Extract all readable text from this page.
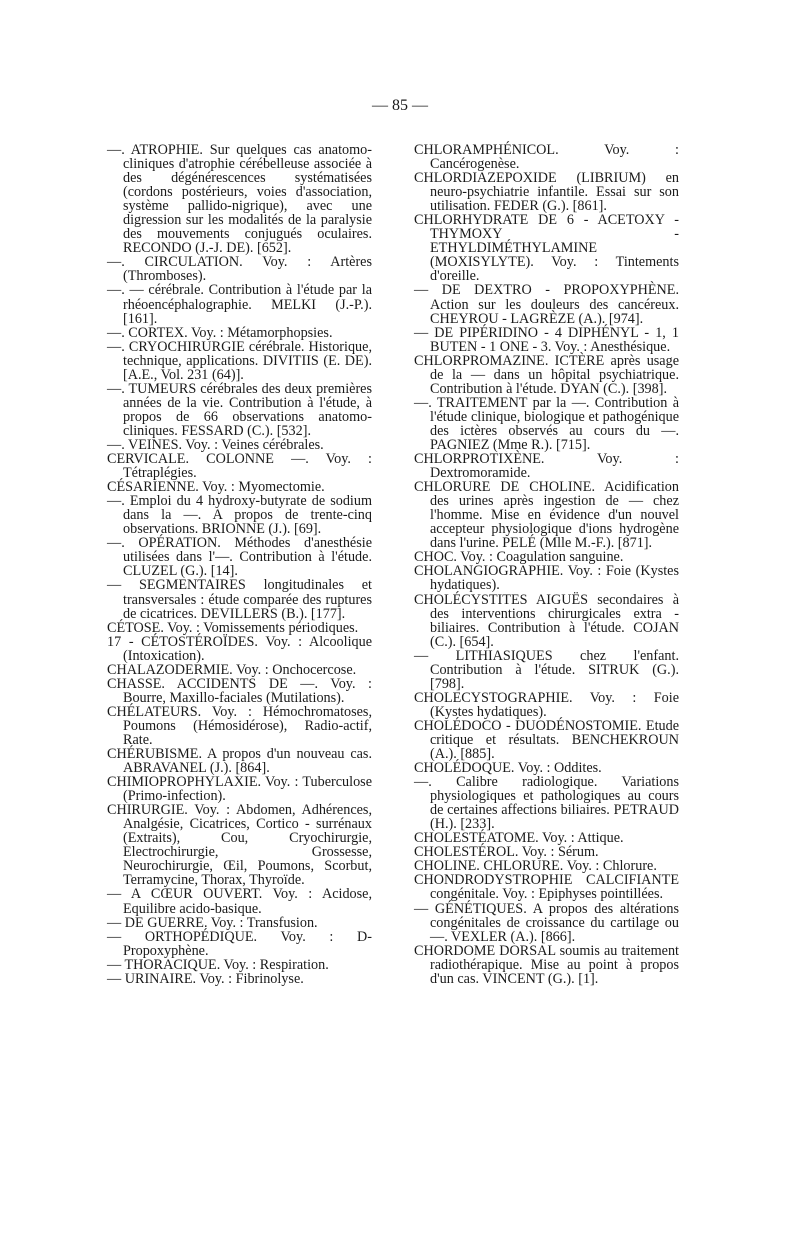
— 85 —

—. ATROPHIE. Sur quelques cas anatomo-cliniques d'atrophie cérébelleuse associée à des dégénérescences systématisées (cordons postérieurs, voies d'association, système pallido-nigrique), avec une digression sur les modalités de la paralysie des mouvements conjugués oculaires. RECONDO (J.-J. DE). [652].

—. CIRCULATION. Voy. : Artères (Thromboses).

—. — cérébrale. Contribution à l'étude par la rhéoencéphalographie. MELKI (J.-P.). [161].

—. CORTEX. Voy. : Métamorphopsies.

—. CRYOCHIRURGIE cérébrale. Historique, technique, applications. DIVITIIS (E. DE). [A.E., Vol. 231 (64)].

—. TUMEURS cérébrales des deux premières années de la vie. Contribution à l'étude, à propos de 66 observations anatomo-cliniques. FESSARD (C.). [532].

—. VEINES. Voy. : Veines cérébrales.

CERVICALE. COLONNE —. Voy. : Tétraplégies.

CÉSARIENNE. Voy. : Myomectomie.

—. Emploi du 4 hydroxy-butyrate de sodium dans la —. A propos de trente-cinq observations. BRIONNE (J.). [69].

—. OPÉRATION. Méthodes d'anesthésie utilisées dans l'—. Contribution à l'étude. CLUZEL (G.). [14].

— SEGMENTAIRES longitudinales et transversales : étude comparée des ruptures de cicatrices. DEVILLERS (B.). [177].

CÉTOSE. Voy. : Vomissements périodiques.

17 - CÉTOSTÉROÏDES. Voy. : Alcoolique (Intoxication).

CHALAZODERMIE. Voy. : Onchocercose.

CHASSE. ACCIDENTS DE —. Voy. : Bourre, Maxillo-faciales (Mutilations).

CHÉLATEURS. Voy. : Hémochromatoses, Poumons (Hémosidérose), Radio-actif, Rate.

CHÉRUBISME. A propos d'un nouveau cas. ABRAVANEL (J.). [864].

CHIMIOPROPHYLAXIE. Voy. : Tuberculose (Primo-infection).

CHIRURGIE. Voy. : Abdomen, Adhérences, Analgésie, Cicatrices, Cortico - surrénaux (Extraits), Cou, Cryochirurgie, Electrochirurgie, Grossesse, Neurochirurgie, Œil, Poumons, Scorbut, Terramycine, Thorax, Thyroïde.

— A CŒUR OUVERT. Voy. : Acidose, Equilibre acido-basique.

— DE GUERRE. Voy. : Transfusion.

— ORTHOPÉDIQUE. Voy. : D-Propoxyphène.

— THORACIQUE. Voy. : Respiration.

— URINAIRE. Voy. : Fibrinolyse.

CHLORAMPHÉNICOL. Voy. : Cancérogenèse.

CHLORDIAZEPOXIDE (LIBRIUM) en neuro-psychiatrie infantile. Essai sur son utilisation. FEDER (G.). [861].

CHLORHYDRATE DE 6 - ACETOXY - THYMOXY - ETHYLDIMÉTHYLAMINE (MOXISYLYTE). Voy. : Tintements d'oreille.

— DE DEXTRO - PROPOXYPHÈNE. Action sur les douleurs des cancéreux. CHEYROU - LAGRÈZE (A.). [974].

— DE PIPÉRIDINO - 4 DIPHÉNYL - 1, 1 BUTEN - 1 ONE - 3. Voy. : Anesthésique.

CHLORPROMAZINE. ICTÈRE après usage de la — dans un hôpital psychiatrique. Contribution à l'étude. DYAN (C.). [398].

—. TRAITEMENT par la —. Contribution à l'étude clinique, biologique et pathogénique des ictères observés au cours du —. PAGNIEZ (Mme R.). [715].

CHLORPROTIXÈNE. Voy. : Dextromoramide.

CHLORURE DE CHOLINE. Acidification des urines après ingestion de — chez l'homme. Mise en évidence d'un nouvel accepteur physiologique d'ions hydrogène dans l'urine. PELÉ (Mlle M.-F.). [871].

CHOC. Voy. : Coagulation sanguine.

CHOLANGIOGRAPHIE. Voy. : Foie (Kystes hydatiques).

CHOLÉCYSTITES AIGUËS secondaires à des interventions chirurgicales extra - biliaires. Contribution à l'étude. COJAN (C.). [654].

— LITHIASIQUES chez l'enfant. Contribution à l'étude. SITRUK (G.). [798].

CHOLECYSTOGRAPHIE. Voy. : Foie (Kystes hydatiques).

CHOLÉDOCO - DUODÉNOSTOMIE. Etude critique et résultats. BENCHEKROUN (A.). [885].

CHOLÉDOQUE. Voy. : Oddites.

—. Calibre radiologique. Variations physiologiques et pathologiques au cours de certaines affections biliaires. PETRAUD (H.). [233].

CHOLESTÉATOME. Voy. : Attique.

CHOLESTÉROL. Voy. : Sérum.

CHOLINE. CHLORURE. Voy. : Chlorure.

CHONDRODYSTROPHIE CALCIFIANTE congénitale. Voy. : Epiphyses pointillées.

— GÉNÉTIQUES. A propos des altérations congénitales de croissance du cartilage ou —. VEXLER (A.). [866].

CHORDOME DORSAL soumis au traitement radiothérapique. Mise au point à propos d'un cas. VINCENT (G.). [1].
